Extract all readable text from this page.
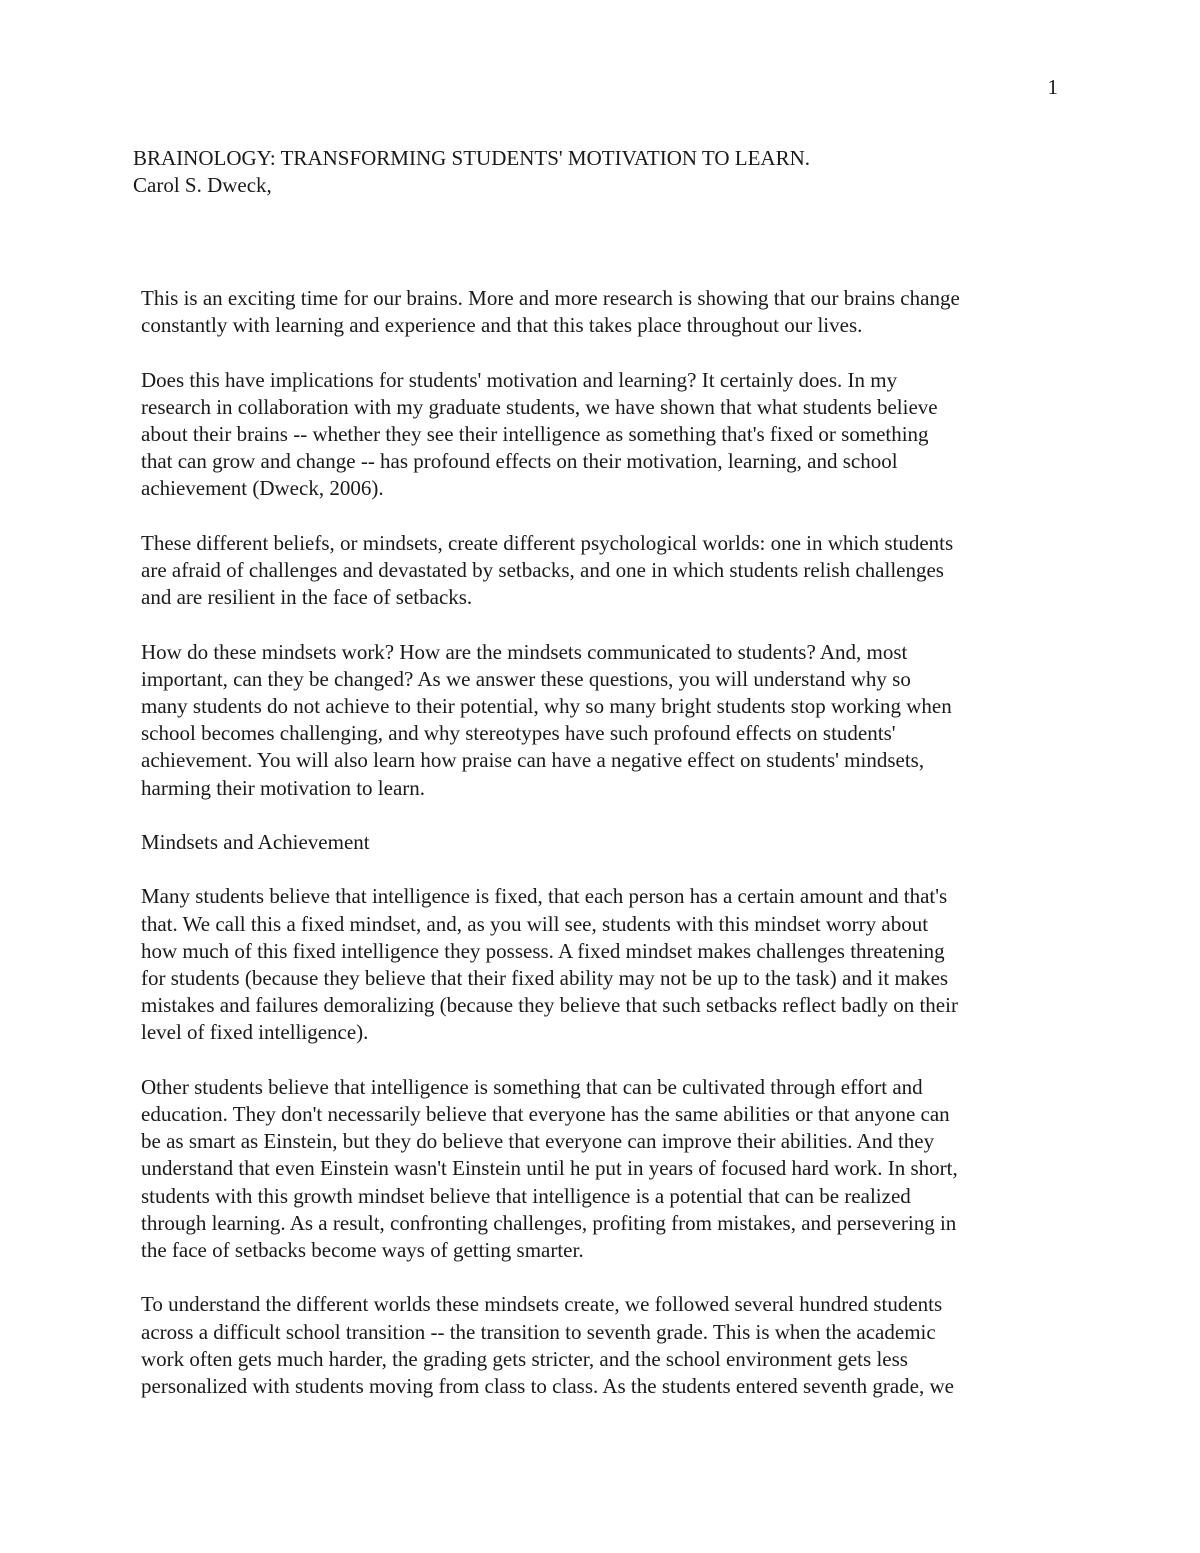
1
BRAINOLOGY: TRANSFORMING STUDENTS' MOTIVATION TO LEARN.
Carol S. Dweck,
This is an exciting time for our brains. More and more research is showing that our brains change
constantly with learning and experience and that this takes place throughout our lives.
Does this have implications for students' motivation and learning? It certainly does. In my
research in collaboration with my graduate students, we have shown that what students believe
about their brains -- whether they see their intelligence as something that's fixed or something
that can grow and change -- has profound effects on their motivation, learning, and school
achievement (Dweck, 2006).
These different beliefs, or mindsets, create different psychological worlds: one in which students
are afraid of challenges and devastated by setbacks, and one in which students relish challenges
and are resilient in the face of setbacks.
How do these mindsets work? How are the mindsets communicated to students? And, most
important, can they be changed? As we answer these questions, you will understand why so
many students do not achieve to their potential, why so many bright students stop working when
school becomes challenging, and why stereotypes have such profound effects on students'
achievement. You will also learn how praise can have a negative effect on students' mindsets,
harming their motivation to learn.
Mindsets and Achievement
Many students believe that intelligence is fixed, that each person has a certain amount and that's
that. We call this a fixed mindset, and, as you will see, students with this mindset worry about
how much of this fixed intelligence they possess. A fixed mindset makes challenges threatening
for students (because they believe that their fixed ability may not be up to the task) and it makes
mistakes and failures demoralizing (because they believe that such setbacks reflect badly on their
level of fixed intelligence).
Other students believe that intelligence is something that can be cultivated through effort and
education. They don't necessarily believe that everyone has the same abilities or that anyone can
be as smart as Einstein, but they do believe that everyone can improve their abilities. And they
understand that even Einstein wasn't Einstein until he put in years of focused hard work. In short,
students with this growth mindset believe that intelligence is a potential that can be realized
through learning. As a result, confronting challenges, profiting from mistakes, and persevering in
the face of setbacks become ways of getting smarter.
To understand the different worlds these mindsets create, we followed several hundred students
across a difficult school transition -- the transition to seventh grade. This is when the academic
work often gets much harder, the grading gets stricter, and the school environment gets less
personalized with students moving from class to class. As the students entered seventh grade, we
